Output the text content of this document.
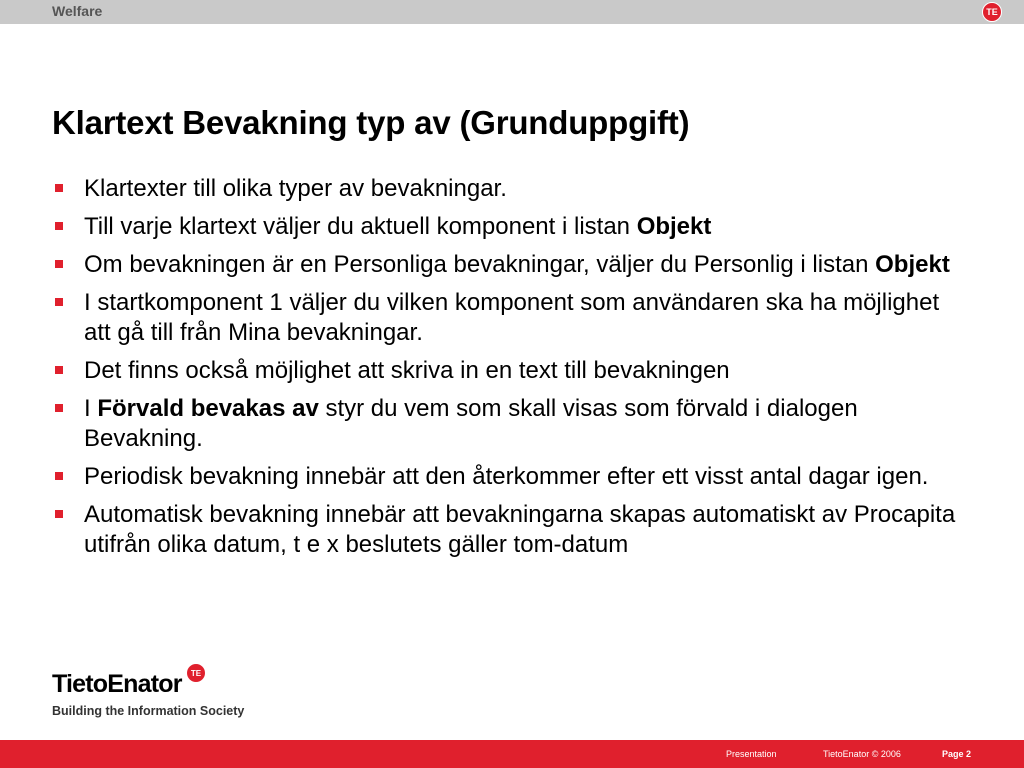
Welfare	TE
Klartext Bevakning typ av (Grunduppgift)
Klartexter till olika typer av bevakningar.
Till varje klartext väljer du aktuell komponent i listan Objekt
Om bevakningen är en Personliga bevakningar, väljer du Personlig i listan Objekt
I startkomponent 1 väljer du vilken komponent som användaren ska ha möjlighet att gå till från Mina bevakningar.
Det finns också möjlighet att skriva in en text till bevakningen
I Förvald bevakas av styr du vem som skall visas som förvald i dialogen Bevakning.
Periodisk bevakning innebär att den återkommer efter ett visst antal dagar igen.
Automatisk bevakning innebär att bevakningarna skapas automatiskt av Procapita utifrån olika datum, t e x beslutets gäller tom-datum
TietoEnator	TE
Building the Information Society
Presentation	TietoEnator © 2006	Page 2
